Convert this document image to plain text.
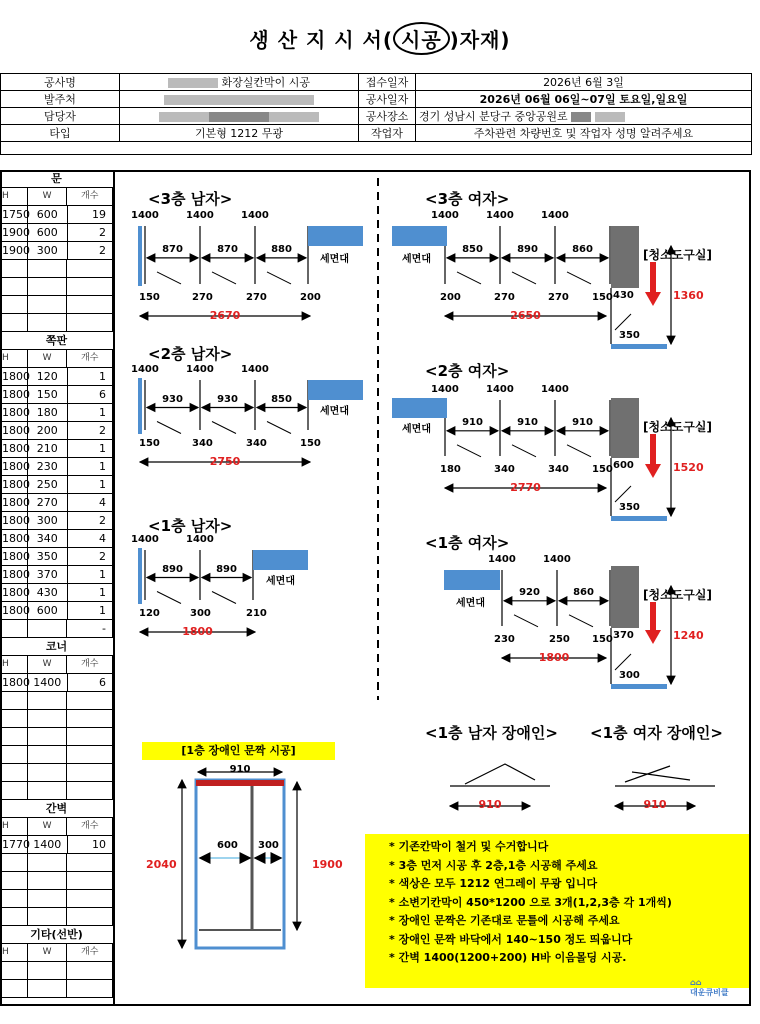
생 산 지 시 서( 시공 )자재)
공사명	화장실칸막이 시공	접수일자	2026년 6월 3일
발주처		공사일자	2026년 06월 06일~07일 토요일,일요일
담당자		공사장소	경기 성남시 분당구 중앙공원로
타입	기본형 1212 무광	작업자	주차관련 차량번호 및 작업자 성명 알려주세요

문
H	W	개수
1750 600	19
1900 600	2
1900 300	2
쪽판
H	W	개수
1800 120	1
1800 150	6
1800 180	1
1800 200	2
1800 210	1
1800 230	1
1800 250	1
1800 270	4
1800 300	2
1800 340	4
1800 350	2
1800 370	1
1800 430	1
1800 600	1
-
코너
H	W	개수
1800 1400	6
간벽
H	W	개수
1770 1400	10
기타(선반)
H	W	개수
<3층 남자>
1400	1400	1400
870	870	880
150	270	270	200
2670
세면대
<2층 남자>
1400	1400	1400
930	930	850
150	340	340	150
2750
세면대
<1층 남자>
1400	1400
890	890
120	300	210
1800
세면대
<3층 여자>
1400	1400	1400
850	890	860
200	270	270 150
2650
세면대	[청소도구실]
430	1360
350
<2층 여자>
1400	1400	1400
910	910	910
180	340	340 150
2770
세면대	[청소도구실]
600	1520
350
<1층 여자>
1400	1400
920	860
230	250 150
1800
세면대
[청소도구실]
370	1240
300
910
2040	1900
600 300
<1층 남자 장애인> <1층 여자 장애인>
910	910
[1층 장애인 문짝 시공]
* 기존칸막이 철거 및 수거합니다
* 3층 먼저 시공 후 2층,1층 시공해 주세요
* 색상은 모두 1212 연그레이 무광 입니다
* 소변기칸막이 450*1200 으로 3개(1,2,3층 각 1개씩)
* 장애인 문짝은 기존대로 문틀에 시공해 주세요
* 장애인 문짝 바닥에서 140~150 정도 띄웁니다
* 간벽 1400(1200+200) H바 이음몰딩 시공.
⌂⌂
대운큐비클
